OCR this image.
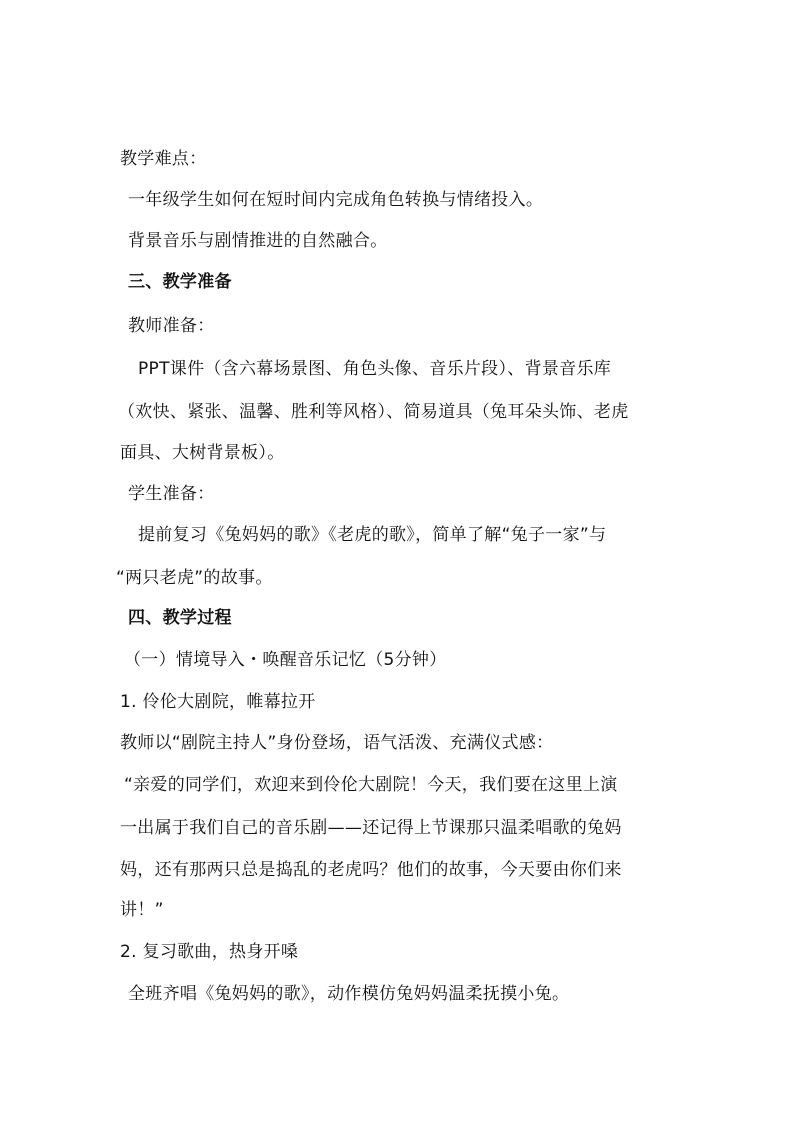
教学难点：
一年级学生如何在短时间内完成角色转换与情绪投入。
背景音乐与剧情推进的自然融合。
三、教学准备
教师准备：
PPT课件（含六幕场景图、角色头像、音乐片段）、背景音乐库
（欢快、紧张、温馨、胜利等风格）、简易道具（兔耳朵头饰、老虎
面具、大树背景板）。
学生准备：
提前复习《兔妈妈的歌》《老虎的歌》，简单了解“兔子一家”与
“两只老虎”的故事。
四、教学过程
（一）情境导入・唤醒音乐记忆（5分钟）
1. 伶伦大剧院，帷幕拉开
教师以“剧院主持人”身份登场，语气活泼、充满仪式感：
“亲爱的同学们，欢迎来到伶伦大剧院！今天，我们要在这里上演
一出属于我们自己的音乐剧——还记得上节课那只温柔唱歌的兔妈
妈，还有那两只总是捣乱的老虎吗？他们的故事，今天要由你们来
讲！”
2. 复习歌曲，热身开嗓
全班齐唱《兔妈妈的歌》，动作模仿兔妈妈温柔抚摸小兔。
